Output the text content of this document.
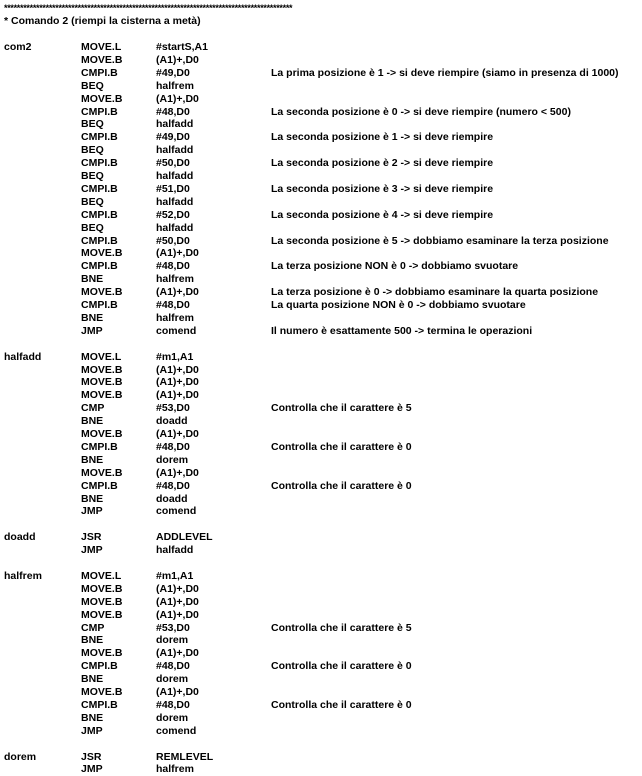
******************************************************************************************
* Comando 2 (riempi la cisterna a metà)
com2	MOVE.L	#startS,A1
MOVE.B	(A1)+,D0
CMPI.B	#49,D0	La prima posizione è 1 -> si deve riempire (siamo in presenza di 1000)
BEQ	halfrem
MOVE.B	(A1)+,D0
CMPI.B	#48,D0	La seconda posizione è 0 -> si deve riempire (numero < 500)
BEQ	halfadd
CMPI.B	#49,D0	La seconda posizione è 1 -> si deve riempire
BEQ	halfadd
CMPI.B	#50,D0	La seconda posizione è 2 -> si deve riempire
BEQ	halfadd
CMPI.B	#51,D0	La seconda posizione è 3 -> si deve riempire
BEQ	halfadd
CMPI.B	#52,D0	La seconda posizione è 4 -> si deve riempire
BEQ	halfadd
CMPI.B	#50,D0	La seconda posizione è 5 -> dobbiamo esaminare la terza posizione
MOVE.B	(A1)+,D0
CMPI.B	#48,D0	La terza posizione NON è 0 -> dobbiamo svuotare
BNE	halfrem
MOVE.B	(A1)+,D0	La terza posizione è 0 -> dobbiamo esaminare la quarta posizione
CMPI.B	#48,D0	La quarta posizione NON è 0 -> dobbiamo svuotare
BNE	halfrem
JMP	comend	Il numero è esattamente 500 -> termina le operazioni
halfadd	MOVE.L	#m1,A1
MOVE.B	(A1)+,D0
MOVE.B	(A1)+,D0
MOVE.B	(A1)+,D0
CMP	#53,D0	Controlla che il carattere è 5
BNE	doadd
MOVE.B	(A1)+,D0
CMPI.B	#48,D0	Controlla che il carattere è 0
BNE	dorem
MOVE.B	(A1)+,D0
CMPI.B	#48,D0	Controlla che il carattere è 0
BNE	doadd
JMP	comend
doadd	JSR	ADDLEVEL
JMP	halfadd
halfrem	MOVE.L	#m1,A1
MOVE.B	(A1)+,D0
MOVE.B	(A1)+,D0
MOVE.B	(A1)+,D0
CMP	#53,D0	Controlla che il carattere è 5
BNE	dorem
MOVE.B	(A1)+,D0
CMPI.B	#48,D0	Controlla che il carattere è 0
BNE	dorem
MOVE.B	(A1)+,D0
CMPI.B	#48,D0	Controlla che il carattere è 0
BNE	dorem
JMP	comend
dorem	JSR	REMLEVEL
JMP	halfrem
